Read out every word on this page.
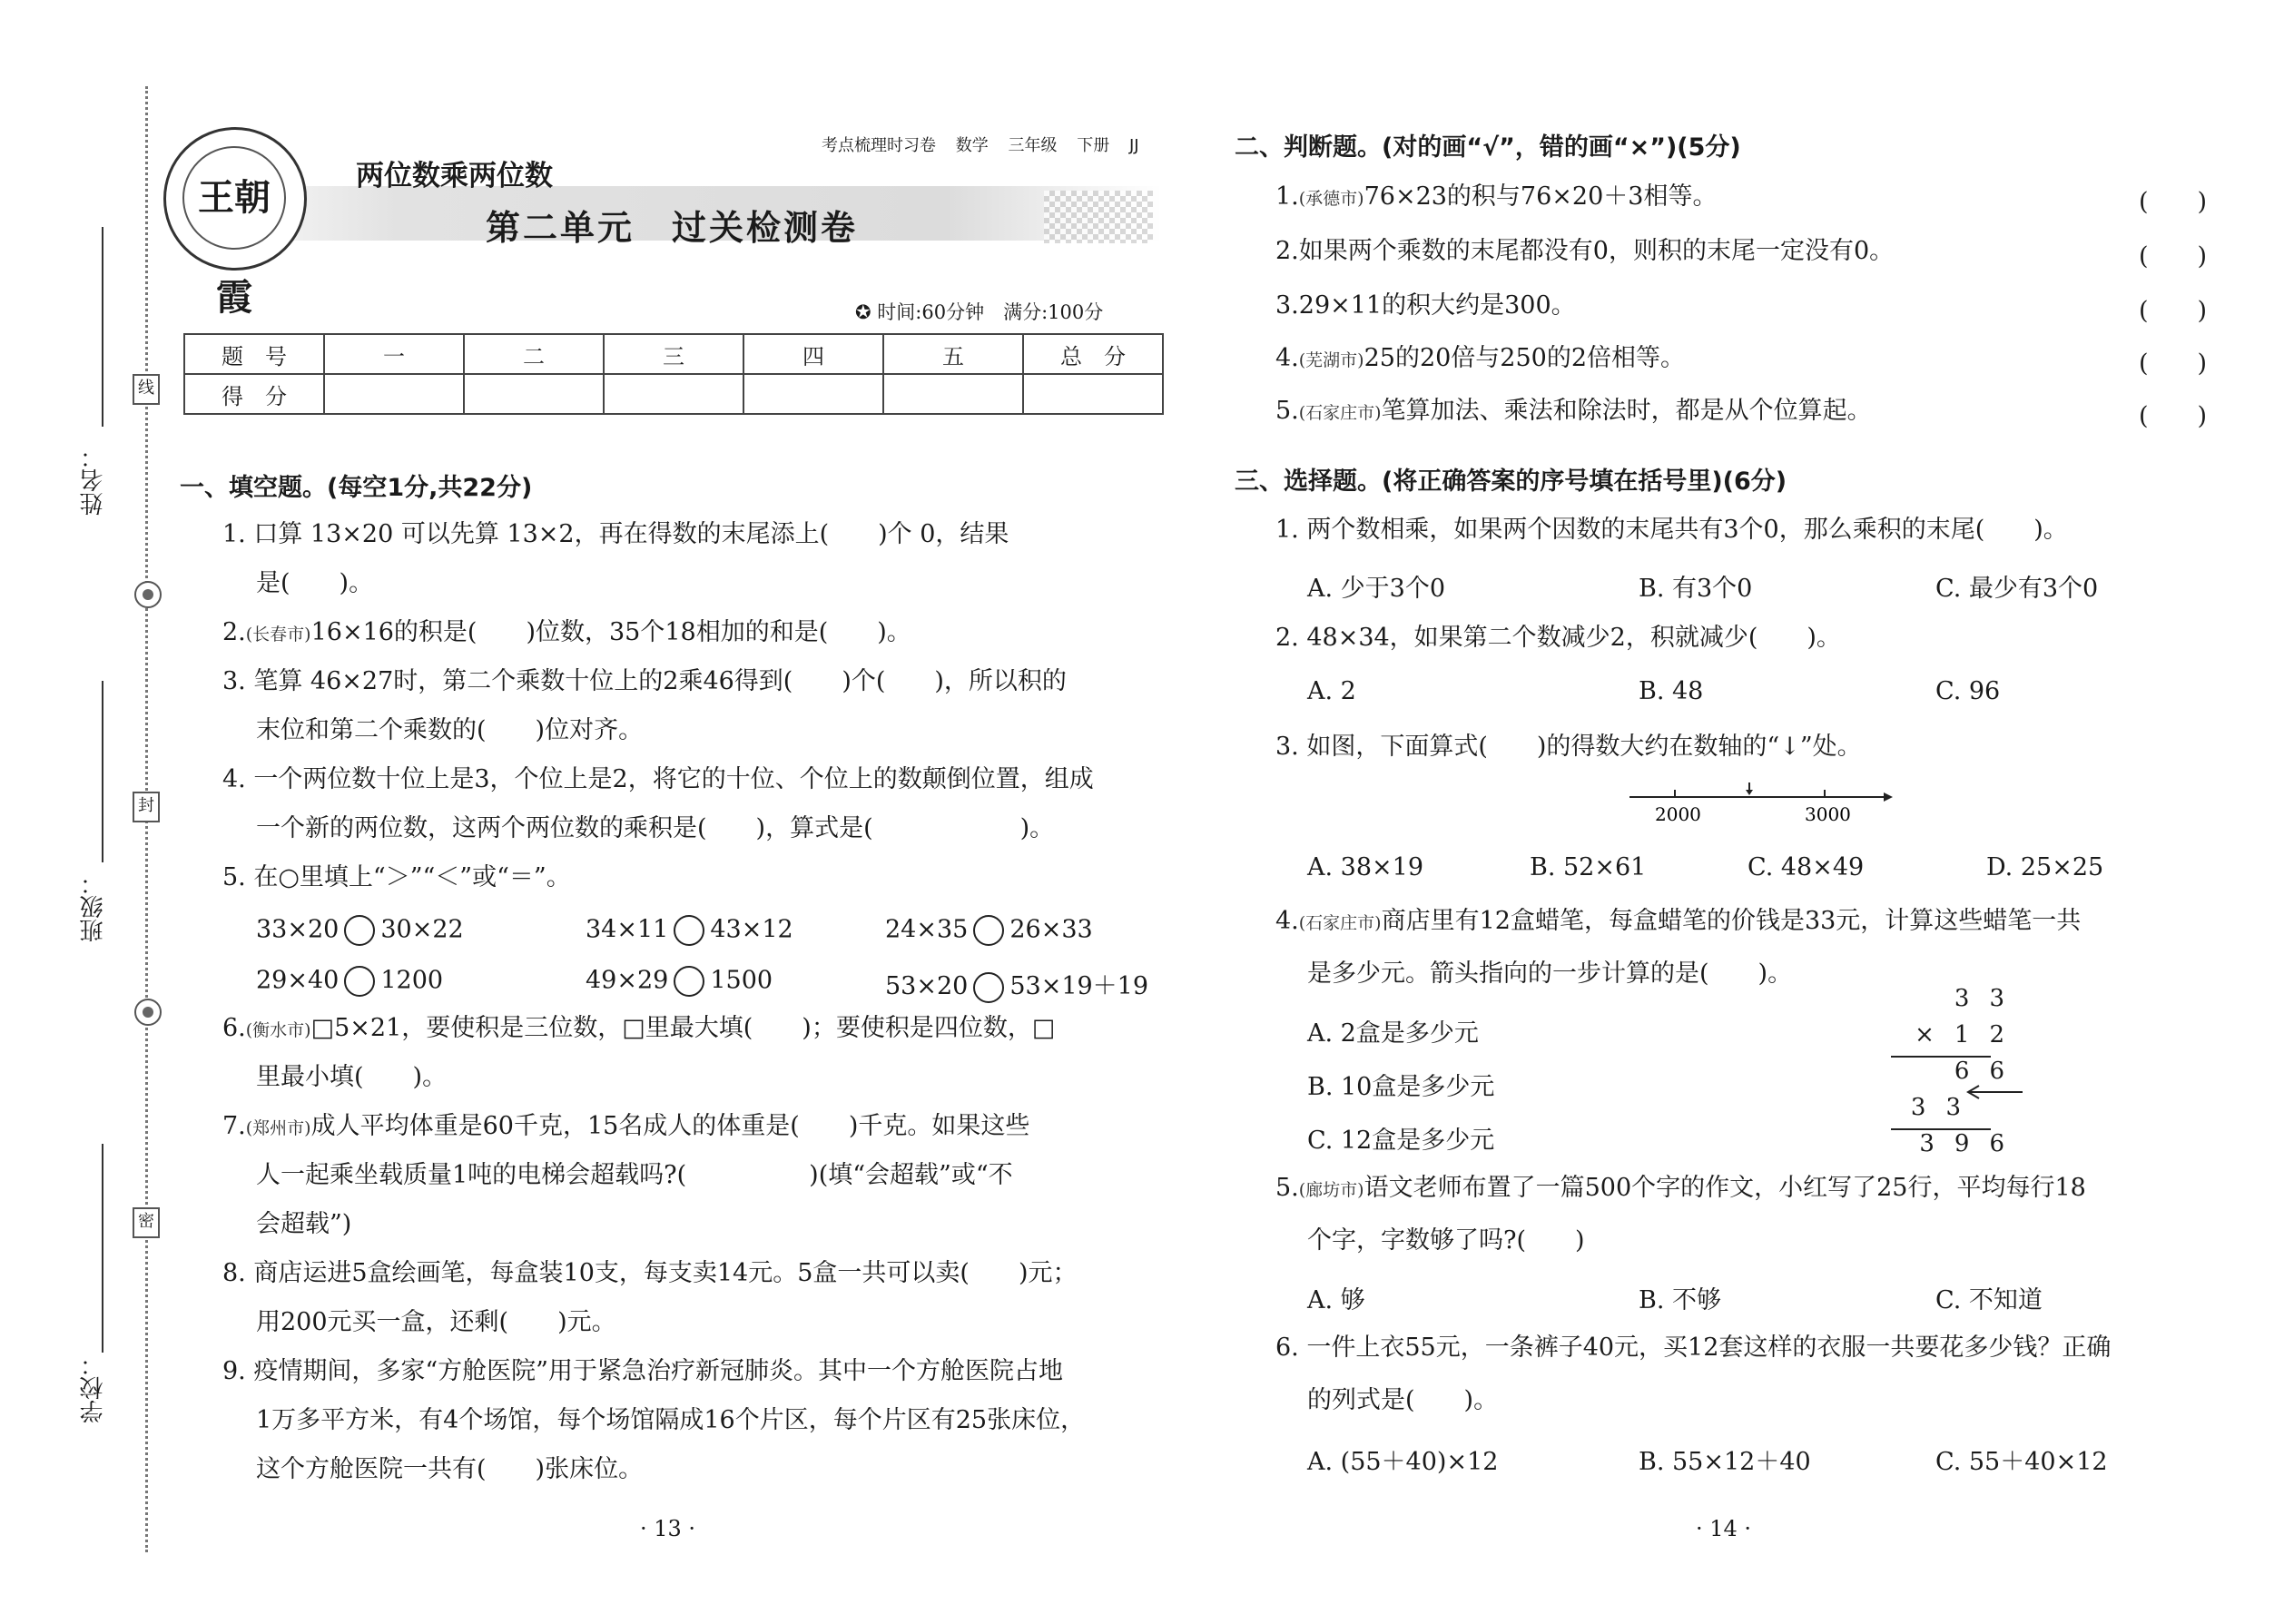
姓名：
班级：
学校：
线
封
密
王朝霞
两位数乘两位数
第二单元　过关检测卷
考点梳理时习卷 数学 三年级 下册 JJ
✪ 时间:60分钟　满分:100分
题　号	一	二	三	四	五	总　分
得　分						
一、填空题。(每空1分,共22分)
1. 口算 13×20 可以先算 13×2，再在得数的末尾添上(　　)个 0，结果
是(　　)。
2.(长春市)16×16的积是(　　)位数，35个18相加的和是(　　)。
3. 笔算 46×27时，第二个乘数十位上的2乘46得到(　　)个(　　)，所以积的
末位和第二个乘数的(　　)位对齐。
4. 一个两位数十位上是3，个位上是2，将它的十位、个位上的数颠倒位置，组成
一个新的两位数，这两个两位数的乘积是(　　)，算式是(　　　　　　)。
5. 在○里填上“＞”“＜”或“＝”。
33×20 30×22	34×11 43×12	24×35 26×33
29×40 1200	49×29 1500	53×20 53×19＋19
6.(衡水市)□5×21，要使积是三位数，□里最大填(　　)；要使积是四位数，□
里最小填(　　)。
7.(郑州市)成人平均体重是60千克，15名成人的体重是(　　)千克。如果这些
人一起乘坐载质量1吨的电梯会超载吗?(　　　　　)(填“会超载”或“不
会超载”)
8. 商店运进5盒绘画笔，每盒装10支，每支卖14元。5盒一共可以卖(　　)元；
用200元买一盒，还剩(　　)元。
9. 疫情期间，多家“方舱医院”用于紧急治疗新冠肺炎。其中一个方舱医院占地
1万多平方米，有4个场馆，每个场馆隔成16个片区，每个片区有25张床位，
这个方舱医院一共有(　　)张床位。
· 13 ·
二、判断题。(对的画“√”，错的画“×”)(5分)
1.(承德市)76×23的积与76×20＋3相等。	(　　)
2.如果两个乘数的末尾都没有0，则积的末尾一定没有0。	(　　)
3.29×11的积大约是300。	(　　)
4.(芜湖市)25的20倍与250的2倍相等。	(　　)
5.(石家庄市)笔算加法、乘法和除法时，都是从个位算起。	(　　)
三、选择题。(将正确答案的序号填在括号里)(6分)
1. 两个数相乘，如果两个因数的末尾共有3个0，那么乘积的末尾(　　)。
A. 少于3个0	B. 有3个0	C. 最少有3个0
2. 48×34，如果第二个数减少2，积就减少(　　)。
A. 2	B. 48	C. 96
3. 如图，下面算式(　　)的得数大约在数轴的“↓”处。
2000	3000
A. 38×19	B. 52×61	C. 48×49	D. 25×25
4.(石家庄市)商店里有12盒蜡笔，每盒蜡笔的价钱是33元，计算这些蜡笔一共
是多少元。箭头指向的一步计算的是(　　)。
A. 2盒是多少元
B. 10盒是多少元
C. 12盒是多少元
33
×12
66
33
396
5.(廊坊市)语文老师布置了一篇500个字的作文，小红写了25行，平均每行18
个字，字数够了吗?(　　)
A. 够	B. 不够	C. 不知道
6. 一件上衣55元，一条裤子40元，买12套这样的衣服一共要花多少钱？正确
的列式是(　　)。
A. (55＋40)×12	B. 55×12＋40	C. 55＋40×12
· 14 ·
